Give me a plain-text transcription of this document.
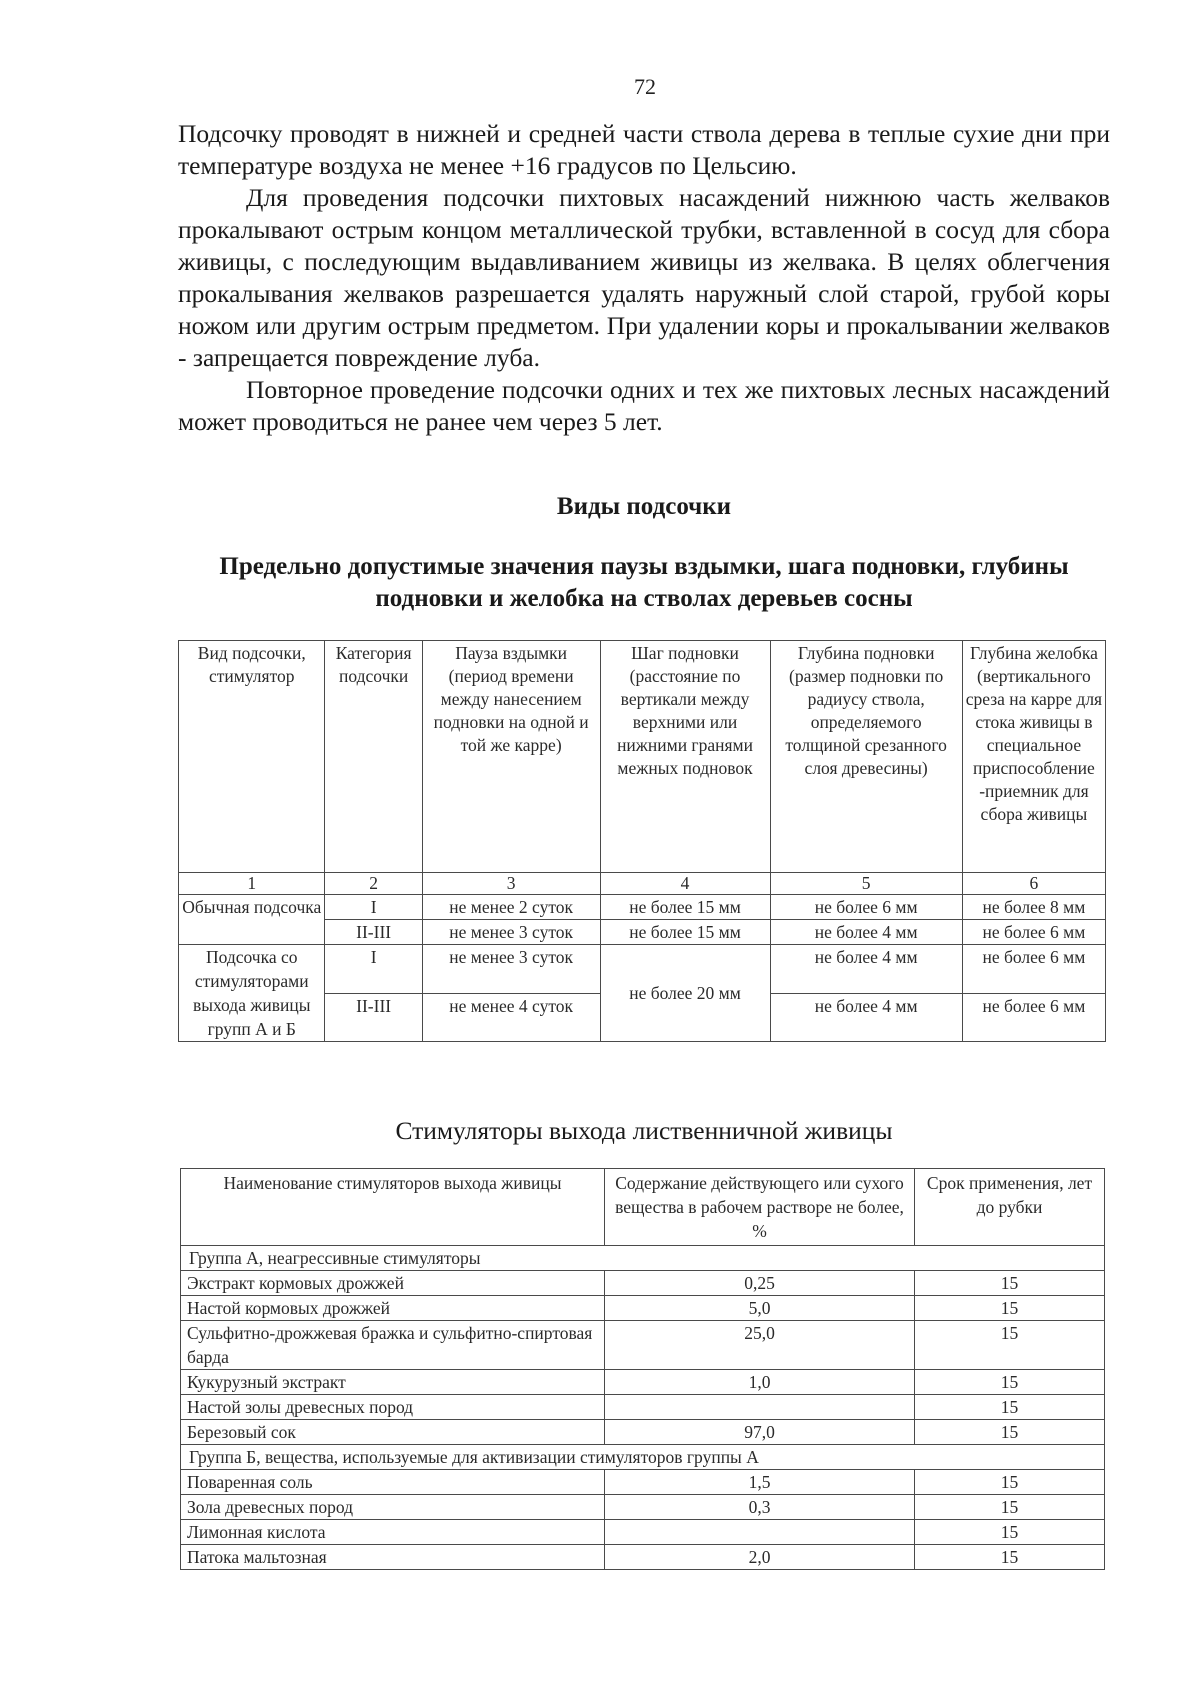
72

Подсочку проводят в нижней и средней части ствола дерева в теплые сухие дни при температуре воздуха не менее +16 градусов по Цельсию.

Для проведения подсочки пихтовых насаждений нижнюю часть желваков прокалывают острым концом металлической трубки, вставленной в сосуд для сбора живицы, с последующим выдавливанием живицы из желвака. В целях облегчения прокалывания желваков разрешается удалять наружный слой старой, грубой коры ножом или другим острым предметом. При удалении коры и прокалывании желваков - запрещается повреждение луба.

Повторное проведение подсочки одних и тех же пихтовых лесных насаждений может проводиться не ранее чем через 5 лет.

Виды подсочки
Предельно допустимые значения паузы вздымки, шага подновки, глубины подновки и желобка на стволах деревьев сосны
Вид подсочки, стимулятор	Категория подсочки	Пауза вздымки (период времени между нанесением подновки на одной и той же карре)	Шаг подновки (расстояние по вертикали между верхними или нижними гранями межных подновок	Глубина подновки (размер подновки по радиусу ствола, определяемого толщиной срезанного слоя древесины)	Глубина желобка (вертикального среза на карре для стока живицы в специальное приспособление -приемник для сбора живицы
1	2	3	4	5	6
Обычная подсочка	I	не менее 2 суток	не более 15 мм	не более 6 мм	не более 8 мм
	II-III	не менее 3 суток	не более 15 мм	не более 4 мм	не более 6 мм
Подсочка со стимуляторами выхода живицы групп А и Б	I	не менее 3 суток	не более 20 мм	не более 4 мм	не более 6 мм
	II-III	не менее 4 суток		не более 4 мм	не более 6 мм
Стимуляторы выхода лиственничной живицы
Наименование стимуляторов выхода живицы	Содержание действующего или сухого вещества в рабочем растворе не более, %	Срок применения, лет до рубки
Группа А, неагрессивные стимуляторы		
Экстракт кормовых дрожжей	0,25	15
Настой кормовых дрожжей	5,0	15
Сульфитно-дрожжевая бражка и сульфитно-спиртовая барда	25,0	15
Кукурузный экстракт	1,0	15
Настой золы древесных пород		15
Березовый сок	97,0	15
Группа Б, вещества, используемые для активизации стимуляторов группы А		
Поваренная соль	1,5	15
Зола древесных пород	0,3	15
Лимонная кислота		15
Патока мальтозная	2,0	15
